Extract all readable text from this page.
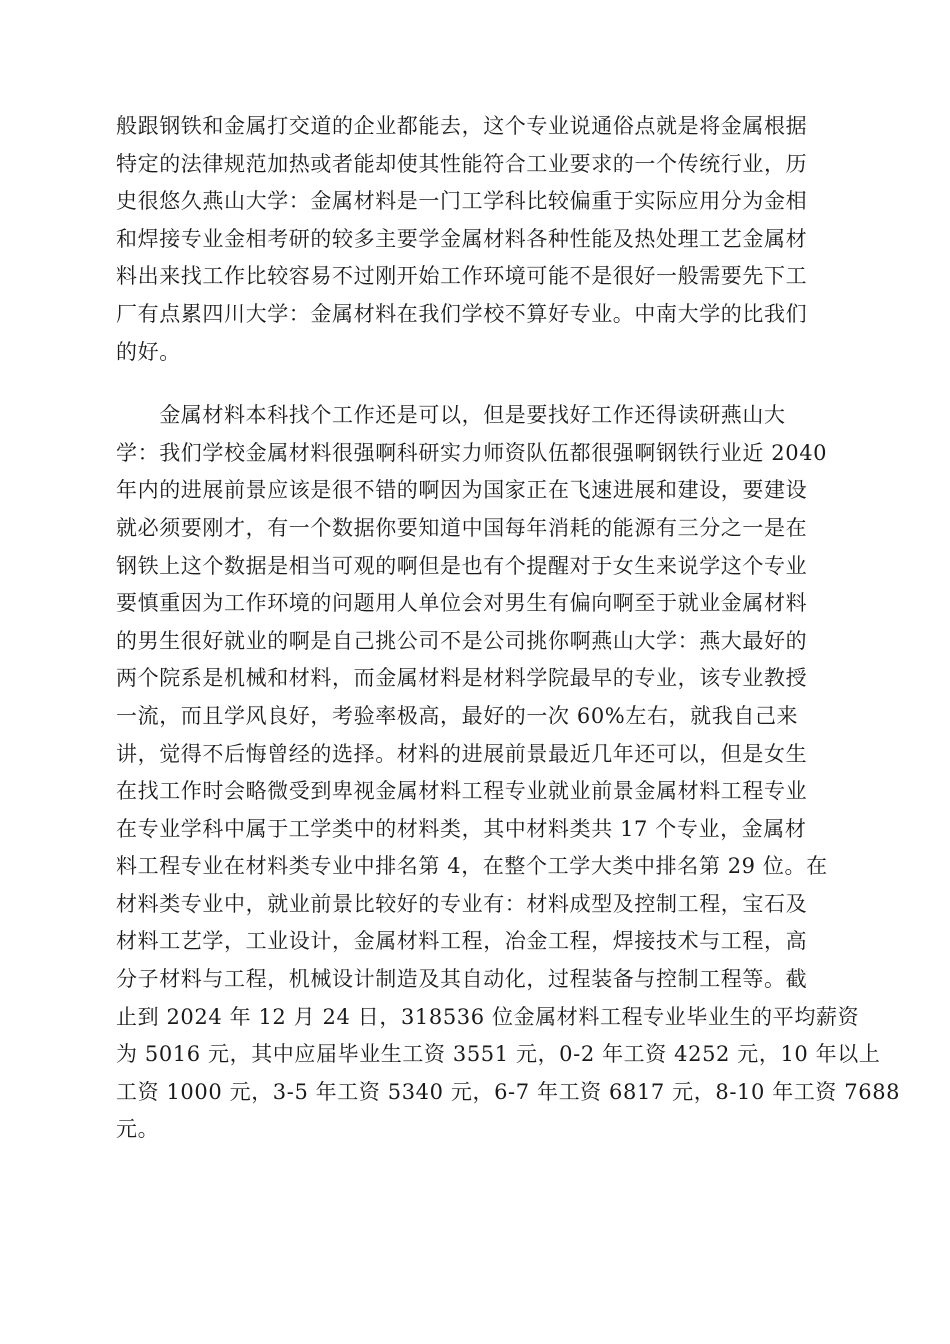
般跟钢铁和金属打交道的企业都能去，这个专业说通俗点就是将金属根据
特定的法律规范加热或者能却使其性能符合工业要求的一个传统行业，历
史很悠久燕山大学：金属材料是一门工学科比较偏重于实际应用分为金相
和焊接专业金相考研的较多主要学金属材料各种性能及热处理工艺金属材
料出来找工作比较容易不过刚开始工作环境可能不是很好一般需要先下工
厂有点累四川大学：金属材料在我们学校不算好专业。中南大学的比我们
的好。
　　金属材料本科找个工作还是可以，但是要找好工作还得读研燕山大
学：我们学校金属材料很强啊科研实力师资队伍都很强啊钢铁行业近 2040
年内的进展前景应该是很不错的啊因为国家正在飞速进展和建设，要建设
就必须要刚才，有一个数据你要知道中国每年消耗的能源有三分之一是在
钢铁上这个数据是相当可观的啊但是也有个提醒对于女生来说学这个专业
要慎重因为工作环境的问题用人单位会对男生有偏向啊至于就业金属材料
的男生很好就业的啊是自己挑公司不是公司挑你啊燕山大学：燕大最好的
两个院系是机械和材料，而金属材料是材料学院最早的专业，该专业教授
一流，而且学风良好，考验率极高，最好的一次 60%左右，就我自己来
讲，觉得不后悔曾经的选择。材料的进展前景最近几年还可以，但是女生
在找工作时会略微受到卑视金属材料工程专业就业前景金属材料工程专业
在专业学科中属于工学类中的材料类，其中材料类共 17 个专业，金属材
料工程专业在材料类专业中排名第 4，在整个工学大类中排名第 29 位。在
材料类专业中，就业前景比较好的专业有：材料成型及控制工程，宝石及
材料工艺学，工业设计，金属材料工程，冶金工程，焊接技术与工程，高
分子材料与工程，机械设计制造及其自动化，过程装备与控制工程等。截
止到 2024 年 12 月 24 日，318536 位金属材料工程专业毕业生的平均薪资
为 5016 元，其中应届毕业生工资 3551 元，0-2 年工资 4252 元，10 年以上
工资 1000 元，3-5 年工资 5340 元，6-7 年工资 6817 元，8-10 年工资 7688
元。
